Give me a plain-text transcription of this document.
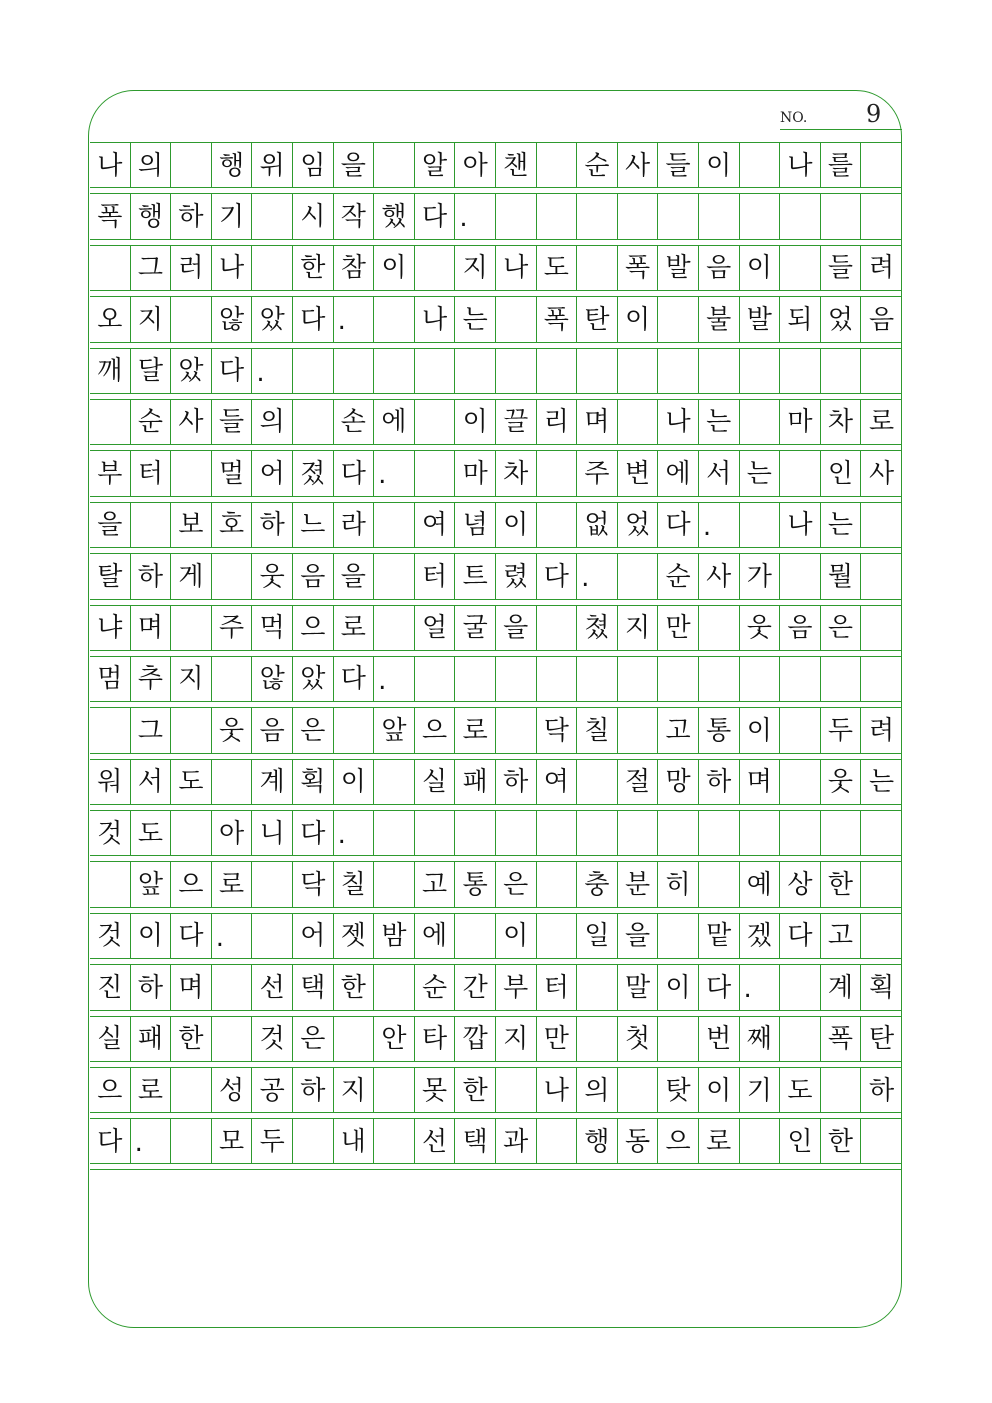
NO. 9
나 의	행 위 임 을	알 아 챈	순 사 들 이	나 를
폭 행 하 기	시 작 했 다 .
그 러 나	한 참 이	지 나 도	폭 발 음 이	들 려
오 지	않 았 다 .	나 는	폭 탄 이	불 발 되 었 음
깨 달 았 다 .
순 사 들 의	손 에	이 끌 리 며	나 는	마 차 로
부 터	멀 어 졌 다 .	마 차	주 변 에 서 는	인 사
을	보 호 하 느 라	여 념 이	없 었 다 .	나 는
탈 하 게	웃 음 을	터 트 렸 다 .	순 사 가	뭘
냐 며	주 먹 으 로	얼 굴 을	쳤 지 만	웃 음 은
멈 추 지	않 았 다 .
그	웃 음 은	앞 으 로	닥 칠	고 통 이	두 려
워 서 도	계 획 이	실 패 하 여	절 망 하 며	웃 는
것 도	아 니 다 .
앞 으 로	닥 칠	고 통 은	충 분 히	예 상 한
것 이 다 .	어 젯 밤 에	이	일 을	맡 겠 다 고
진 하 며	선 택 한	순 간 부 터	말 이 다 .	계 획
실 패 한	것 은	안 타 깝 지 만	첫	번 째	폭 탄
으 로	성 공 하 지	못 한	나 의	탓 이 기 도	하
다 .	모 두	내	선 택 과	행 동 으 로	인 한
